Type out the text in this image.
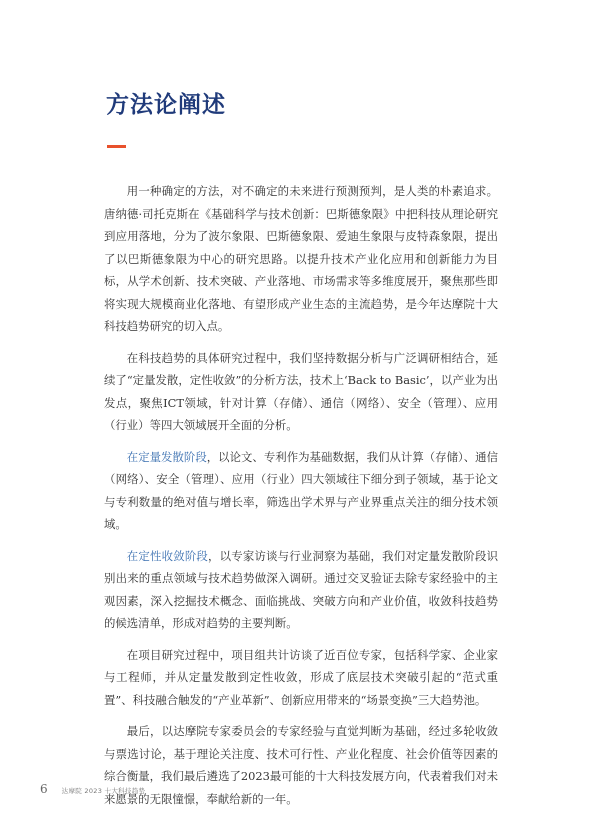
方法论阐述

用一种确定的方法，对不确定的未来进行预测预判，是人类的朴素追求。唐纳德·司托克斯在《基础科学与技术创新：巴斯德象限》中把科技从理论研究到应用落地，分为了波尔象限、巴斯德象限、爱迪生象限与皮特森象限，提出了以巴斯德象限为中心的研究思路。以提升技术产业化应用和创新能力为目标，从学术创新、技术突破、产业落地、市场需求等多维度展开，聚焦那些即将实现大规模商业化落地、有望形成产业生态的主流趋势，是今年达摩院十大科技趋势研究的切入点。

在科技趋势的具体研究过程中，我们坚持数据分析与广泛调研相结合，延续了“定量发散，定性收敛”的分析方法，技术上‘Back to Basic’，以产业为出发点，聚焦ICT领域，针对计算（存储）、通信（网络）、安全（管理）、应用（行业）等四大领域展开全面的分析。

在定量发散阶段，以论文、专利作为基础数据，我们从计算（存储）、通信（网络）、安全（管理）、应用（行业）四大领域往下细分到子领域，基于论文与专利数量的绝对值与增长率，筛选出学术界与产业界重点关注的细分技术领域。

在定性收敛阶段，以专家访谈与行业洞察为基础，我们对定量发散阶段识别出来的重点领域与技术趋势做深入调研。通过交叉验证去除专家经验中的主观因素，深入挖掘技术概念、面临挑战、突破方向和产业价值，收敛科技趋势的候选清单，形成对趋势的主要判断。

在项目研究过程中，项目组共计访谈了近百位专家，包括科学家、企业家与工程师，并从定量发散到定性收敛，形成了底层技术突破引起的“范式重置”、科技融合触发的“产业革新”、创新应用带来的“场景变换”三大趋势池。

最后，以达摩院专家委员会的专家经验与直觉判断为基础，经过多轮收敛与票选讨论，基于理论关注度、技术可行性、产业化程度、社会价值等因素的综合衡量，我们最后遴选了2023最可能的十大科技发展方向，代表着我们对未来愿景的无限憧憬，奉献给新的一年。

6 达摩院 2023 十大科技趋势
